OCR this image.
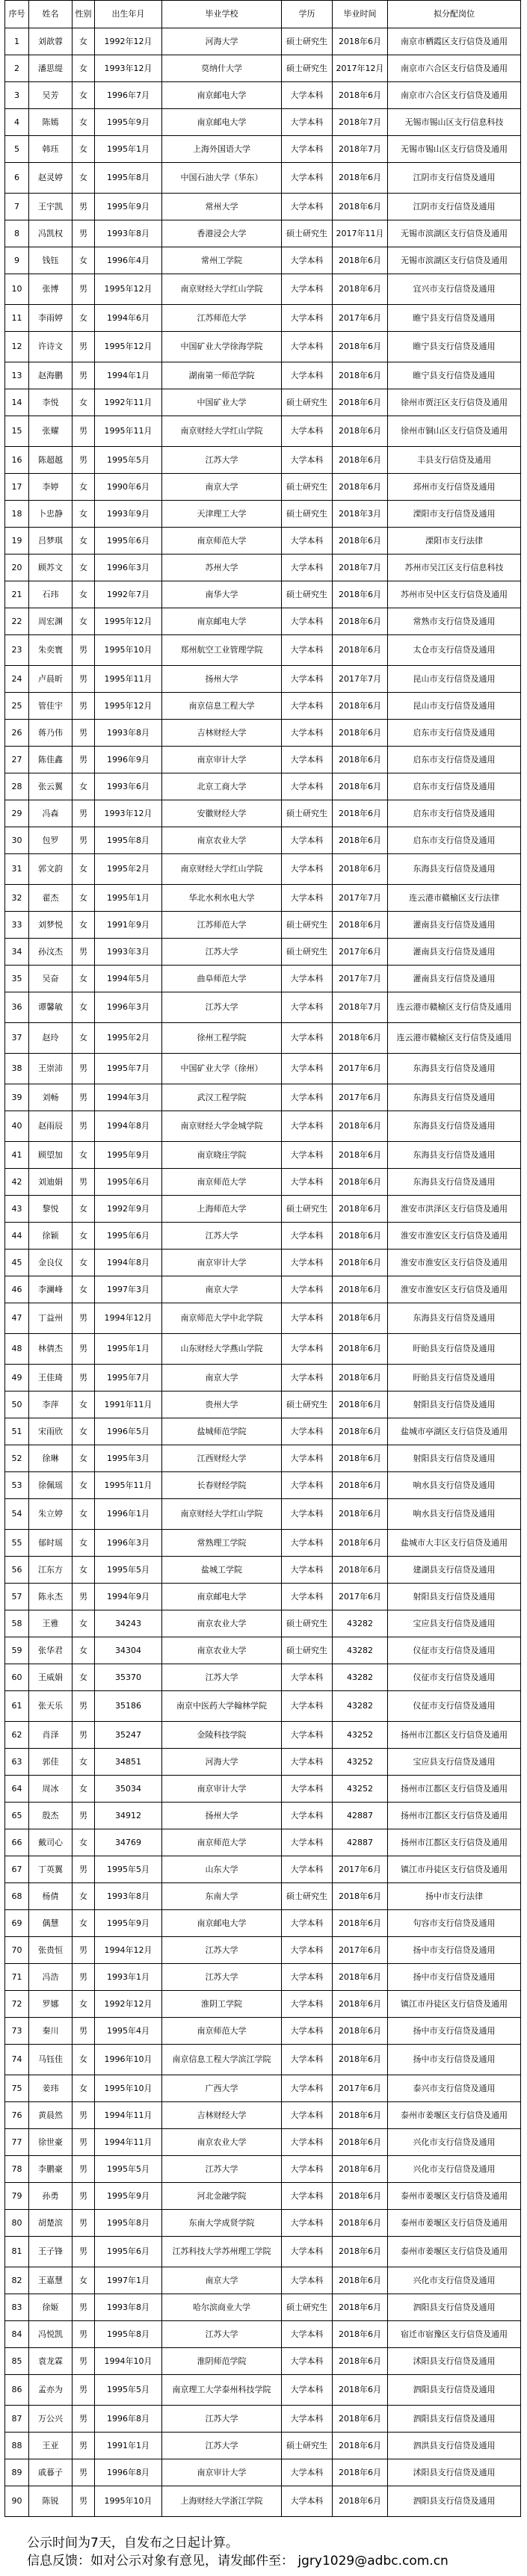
序号	姓名	性别	出生年月	毕业学校	学历	毕业时间	拟分配岗位
1	刘歆蓉	女	1992年12月	河海大学	硕士研究生	2018年6月	南京市栖霞区支行信贷及通用
2	潘思缇	女	1993年12月	莫纳什大学	硕士研究生	2017年12月	南京市六合区支行信贷及通用
3	吴芳	女	1996年7月	南京邮电大学	大学本科	2018年6月	南京市六合区支行信贷及通用
4	陈嫣	女	1995年9月	南京邮电大学	大学本科	2018年7月	无锡市锡山区支行信息科技
5	韩珏	女	1995年1月	上海外国语大学	大学本科	2018年7月	无锡市锡山区支行信贷及通用
6	赵灵婷	女	1995年8月	中国石油大学（华东）	大学本科	2018年6月	江阴市支行信贷及通用
7	王宇凯	男	1995年9月	常州大学	大学本科	2018年6月	江阴市支行信贷及通用
8	冯凯权	男	1993年8月	香港浸会大学	硕士研究生	2017年11月	无锡市滨湖区支行信贷及通用
9	钱钰	女	1996年4月	常州工学院	大学本科	2018年6月	无锡市滨湖区支行信贷及通用
10	张博	男	1995年12月	南京财经大学红山学院	大学本科	2018年6月	宜兴市支行信贷及通用
11	李雨婷	女	1994年6月	江苏师范大学	大学本科	2017年6月	睢宁县支行信贷及通用
12	许诗文	男	1995年12月	中国矿业大学徐海学院	大学本科	2018年6月	睢宁县支行信贷及通用
13	赵海鹏	男	1994年1月	湖南第一师范学院	大学本科	2018年6月	睢宁县支行信贷及通用
14	李悦	女	1992年11月	中国矿业大学	硕士研究生	2018年6月	徐州市贾汪区支行信贷及通用
15	张耀	男	1995年11月	南京财经大学红山学院	大学本科	2018年6月	徐州市铜山区支行信贷及通用
16	陈超越	男	1995年5月	江苏大学	大学本科	2018年6月	丰县支行信贷及通用
17	李婷	女	1990年6月	南京大学	硕士研究生	2018年6月	邳州市支行信贷及通用
18	卜忠静	女	1993年9月	天津理工大学	硕士研究生	2018年3月	溧阳市支行信贷及通用
19	吕梦琪	女	1995年6月	南京师范大学	大学本科	2018年6月	溧阳市支行法律
20	顾苏文	女	1996年3月	苏州大学	大学本科	2018年7月	苏州市吴江区支行信息科技
21	石玮	女	1992年7月	南华大学	硕士研究生	2018年6月	苏州市吴中区支行信贷及通用
22	周宏渊	女	1995年12月	南京邮电大学	大学本科	2018年6月	常熟市支行信贷及通用
23	朱奕寰	男	1995年10月	郑州航空工业管理学院	大学本科	2018年6月	太仓市支行信贷及通用
24	卢晨昕	男	1995年11月	扬州大学	大学本科	2017年7月	昆山市支行信贷及通用
25	管佳宇	男	1995年12月	南京信息工程大学	大学本科	2018年6月	昆山市支行信贷及通用
26	蒋乃伟	男	1993年8月	吉林财经大学	大学本科	2018年6月	启东市支行信贷及通用
27	陈佳鑫	男	1996年9月	南京审计大学	大学本科	2018年6月	启东市支行信贷及通用
28	张云翼	女	1993年6月	北京工商大学	大学本科	2018年6月	启东市支行信贷及通用
29	冯森	男	1993年12月	安徽财经大学	硕士研究生	2018年6月	启东市支行信贷及通用
30	包罗	男	1995年8月	南京农业大学	大学本科	2018年6月	启东市支行信贷及通用
31	郭文韵	女	1995年2月	南京财经大学红山学院	大学本科	2018年6月	东海县支行信贷及通用
32	翟杰	女	1995年1月	华北水利水电大学	大学本科	2017年7月	连云港市赣榆区支行法律
33	刘梦悦	女	1991年9月	江苏师范大学	硕士研究生	2018年6月	灌南县支行信贷及通用
34	孙汶杰	男	1993年3月	江苏大学	硕士研究生	2017年6月	灌南县支行信贷及通用
35	吴奋	女	1994年5月	曲阜师范大学	大学本科	2017年7月	灌南县支行信贷及通用
36	谭馨敏	女	1996年3月	江苏大学	大学本科	2018年7月	连云港市赣榆区支行信贷及通用
37	赵玲	女	1995年2月	徐州工程学院	大学本科	2018年6月	连云港市赣榆区支行信贷及通用
38	王崇沛	男	1995年7月	中国矿业大学（徐州）	大学本科	2017年6月	东海县支行信贷及通用
39	刘畅	男	1994年3月	武汉工程学院	大学本科	2017年6月	东海县支行信贷及通用
40	赵雨辰	男	1994年8月	南京财经大学金城学院	大学本科	2018年6月	东海县支行信贷及通用
41	顾望加	女	1995年9月	南京晓庄学院	大学本科	2018年6月	东海县支行信贷及通用
42	刘迪娟	男	1995年6月	南京师范大学	大学本科	2018年6月	东海县支行信贷及通用
43	黎悦	女	1992年9月	上海师范大学	硕士研究生	2018年6月	淮安市洪泽区支行信贷及通用
44	徐颖	女	1995年6月	江苏大学	大学本科	2018年6月	淮安市淮安区支行信贷及通用
45	金良仪	女	1994年8月	南京审计大学	大学本科	2018年6月	淮安市淮安区支行信贷及通用
46	李澜峰	女	1997年3月	南京大学	大学本科	2018年6月	淮安市淮安区支行信贷及通用
47	丁益州	男	1994年12月	南京师范大学中北学院	大学本科	2018年6月	东海县支行信贷及通用
48	林倩杰	男	1995年1月	山东财经大学燕山学院	大学本科	2018年6月	盱眙县支行信贷及通用
49	王佳琦	男	1995年7月	南京大学	大学本科	2018年6月	盱眙县支行信贷及通用
50	李萍	女	1991年11月	贵州大学	硕士研究生	2018年6月	射阳县支行信贷及通用
51	宋雨欣	女	1996年5月	盐城师范学院	大学本科	2018年6月	盐城市亭湖区支行信贷及通用
52	徐琳	女	1995年3月	江西财经大学	大学本科	2018年6月	射阳县支行信贷及通用
53	徐佩瑶	女	1995年11月	长春财经学院	大学本科	2018年6月	响水县支行信贷及通用
54	朱立婷	女	1996年1月	南京财经大学红山学院	大学本科	2018年6月	响水县支行信贷及通用
55	郁时瑶	女	1996年3月	常熟理工学院	大学本科	2018年6月	盐城市大丰区支行信贷及通用
56	江东方	女	1995年5月	盐城工学院	大学本科	2018年6月	建湖县支行信贷及通用
57	陈永杰	男	1994年9月	南京邮电大学	大学本科	2017年6月	射阳县支行信贷及通用
58	王雅	女	34243	南京农业大学	硕士研究生	43282	宝应县支行信贷及通用
59	张华君	女	34304	南京农业大学	硕士研究生	43282	仪征市支行信贷及通用
60	王威娟	女	35370	江苏大学	大学本科	43282	仪征市支行信贷及通用
61	张天乐	男	35186	南京中医药大学翰林学院	大学本科	43282	仪征市支行信贷及通用
62	肖泽	男	35247	金陵科技学院	大学本科	43252	扬州市江都区支行信贷及通用
63	郭佳	女	34851	河海大学	大学本科	43252	宝应县支行信贷及通用
64	周冰	女	35034	南京审计大学	大学本科	43252	扬州市江都区支行信贷及通用
65	殷杰	男	34912	扬州大学	大学本科	42887	扬州市江都区支行信贷及通用
66	戴司心	女	34769	南京师范大学	大学本科	42887	扬州市江都区支行信贷及通用
67	丁英翼	男	1995年5月	山东大学	大学本科	2017年6月	镇江市丹徒区支行信贷及通用
68	杨倩	女	1993年8月	东南大学	硕士研究生	2018年6月	扬中市支行法律
69	偶慧	女	1995年9月	南京邮电大学	大学本科	2018年6月	句容市支行信贷及通用
70	张贵恒	男	1994年12月	江苏大学	大学本科	2017年6月	扬中市支行信贷及通用
71	冯浩	男	1993年1月	江苏大学	大学本科	2018年6月	扬中市支行信贷及通用
72	罗娜	女	1992年12月	淮阴工学院	大学本科	2018年6月	镇江市丹徒区支行信贷及通用
73	秦川	男	1995年4月	南京师范大学	大学本科	2018年6月	扬中市支行信贷及通用
74	马钰佳	女	1996年10月	南京信息工程大学滨江学院	大学本科	2018年6月	扬中市支行信贷及通用
75	姜玮	女	1995年10月	广西大学	大学本科	2017年6月	泰兴市支行信贷及通用
76	黄晨然	男	1994年11月	吉林财经大学	大学本科	2018年6月	泰州市姜堰区支行信贷及通用
77	徐世豪	男	1994年11月	南京农业大学	大学本科	2018年6月	兴化市支行信贷及通用
78	李鹏豪	男	1995年5月	江苏大学	大学本科	2018年6月	兴化市支行信贷及通用
79	孙勇	男	1995年9月	河北金融学院	大学本科	2018年6月	泰州市姜堰区支行信贷及通用
80	胡楚滨	男	1995年8月	东南大学成贤学院	大学本科	2018年6月	泰州市姜堰区支行信贷及通用
81	王子锋	男	1995年6月	江苏科技大学苏州理工学院	大学本科	2018年6月	泰州市姜堰区支行信贷及通用
82	王嘉慧	女	1997年1月	南京大学	大学本科	2018年6月	兴化市支行信贷及通用
83	徐姬	男	1993年8月	哈尔滨商业大学	硕士研究生	2018年6月	泗阳县支行信贷及通用
84	冯悦凯	男	1995年8月	江苏大学	大学本科	2018年6月	宿迁市宿豫区支行信贷及通用
85	袁龙霖	男	1994年10月	淮阴师范学院	大学本科	2018年6月	沭阳县支行信贷及通用
86	孟亦为	男	1995年5月	南京理工大学泰州科技学院	大学本科	2018年6月	泗阳县支行信贷及通用
87	万公兴	男	1996年8月	江苏大学	大学本科	2018年6月	泗阳县支行信贷及通用
88	王亚	男	1991年1月	江苏大学	硕士研究生	2018年6月	泗洪县支行信贷及通用
89	戚暮子	男	1996年8月	南京审计大学	大学本科	2018年6月	沭阳县支行信贷及通用
90	陈锐	男	1995年10月	上海财经大学浙江学院	大学本科	2018年6月	泗阳县支行信贷及通用
公示时间为7天，自发布之日起计算。
信息反馈：如对公示对象有意见，请发邮件至： jgry1029@adbc.com.cn
